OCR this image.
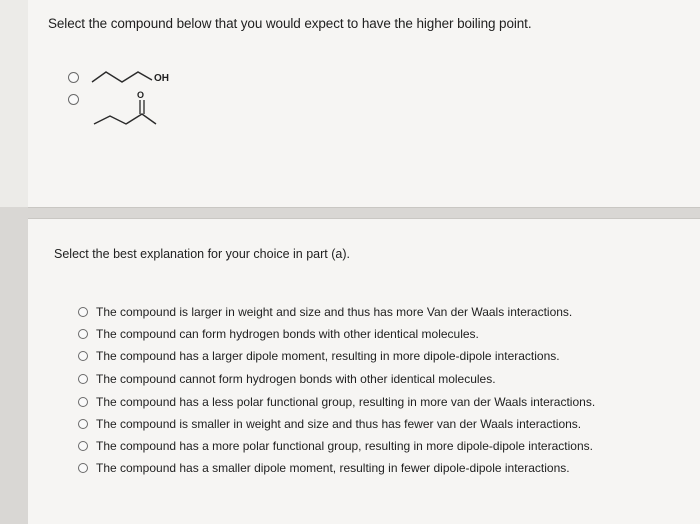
Select the compound below that you would expect to have the higher boiling point.
OH
O
Select the best explanation for your choice in part (a).
The compound is larger in weight and size and thus has more Van der Waals interactions.
The compound can form hydrogen bonds with other identical molecules.
The compound has a larger dipole moment, resulting in more dipole-dipole interactions.
The compound cannot form hydrogen bonds with other identical molecules.
The compound has a less polar functional group, resulting in more van der Waals interactions.
The compound is smaller in weight and size and thus has fewer van der Waals interactions.
The compound has a more polar functional group, resulting in more dipole-dipole interactions.
The compound has a smaller dipole moment, resulting in fewer dipole-dipole interactions.
